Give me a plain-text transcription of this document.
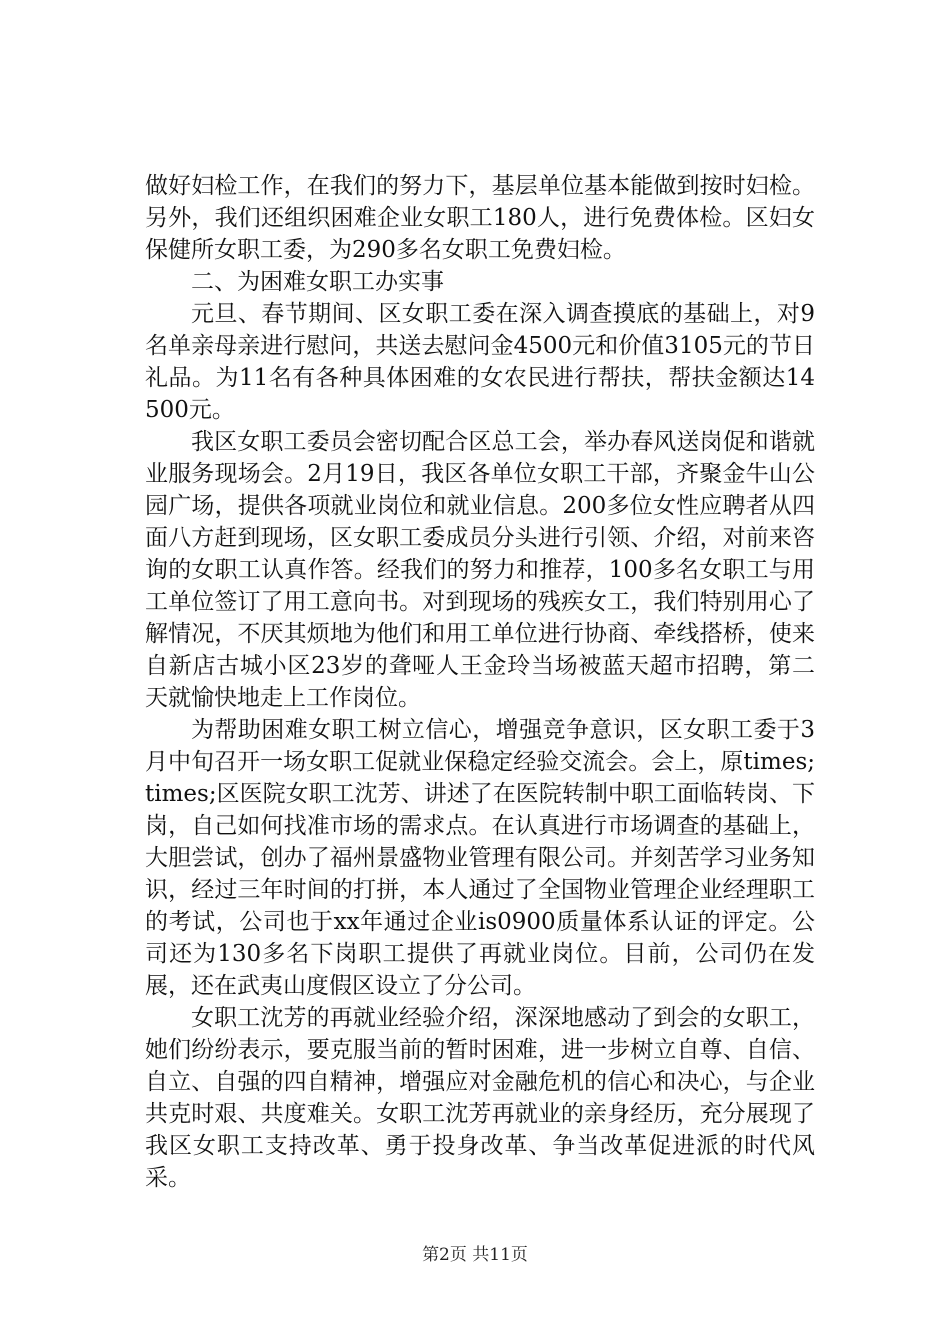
做好妇检工作，在我们的努力下，基层单位基本能做到按时妇检。另外，我们还组织困难企业女职工180人，进行免费体检。区妇女保健所女职工委，为290多名女职工免费妇检。

二、为困难女职工办实事

元旦、春节期间、区女职工委在深入调查摸底的基础上，对9名单亲母亲进行慰问，共送去慰问金4500元和价值3105元的节日礼品。为11名有各种具体困难的女农民进行帮扶，帮扶金额达14500元。

我区女职工委员会密切配合区总工会，举办春风送岗促和谐就业服务现场会。2月19日，我区各单位女职工干部，齐聚金牛山公园广场，提供各项就业岗位和就业信息。200多位女性应聘者从四面八方赶到现场，区女职工委成员分头进行引领、介绍，对前来咨询的女职工认真作答。经我们的努力和推荐，100多名女职工与用工单位签订了用工意向书。对到现场的残疾女工，我们特别用心了解情况，不厌其烦地为他们和用工单位进行协商、牵线搭桥，使来自新店古城小区23岁的聋哑人王金玲当场被蓝天超市招聘，第二天就愉快地走上工作岗位。

为帮助困难女职工树立信心，增强竞争意识，区女职工委于3月中旬召开一场女职工促就业保稳定经验交流会。会上，原times;times;区医院女职工沈芳、讲述了在医院转制中职工面临转岗、下岗，自己如何找准市场的需求点。在认真进行市场调查的基础上，大胆尝试，创办了福州景盛物业管理有限公司。并刻苦学习业务知识，经过三年时间的打拼，本人通过了全国物业管理企业经理职工的考试，公司也于xx年通过企业is0900质量体系认证的评定。公司还为130多名下岗职工提供了再就业岗位。目前，公司仍在发展，还在武夷山度假区设立了分公司。

女职工沈芳的再就业经验介绍，深深地感动了到会的女职工，她们纷纷表示，要克服当前的暂时困难，进一步树立自尊、自信、自立、自强的四自精神，增强应对金融危机的信心和决心，与企业共克时艰、共度难关。女职工沈芳再就业的亲身经历，充分展现了我区女职工支持改革、勇于投身改革、争当改革促进派的时代风采。

第2页 共11页
